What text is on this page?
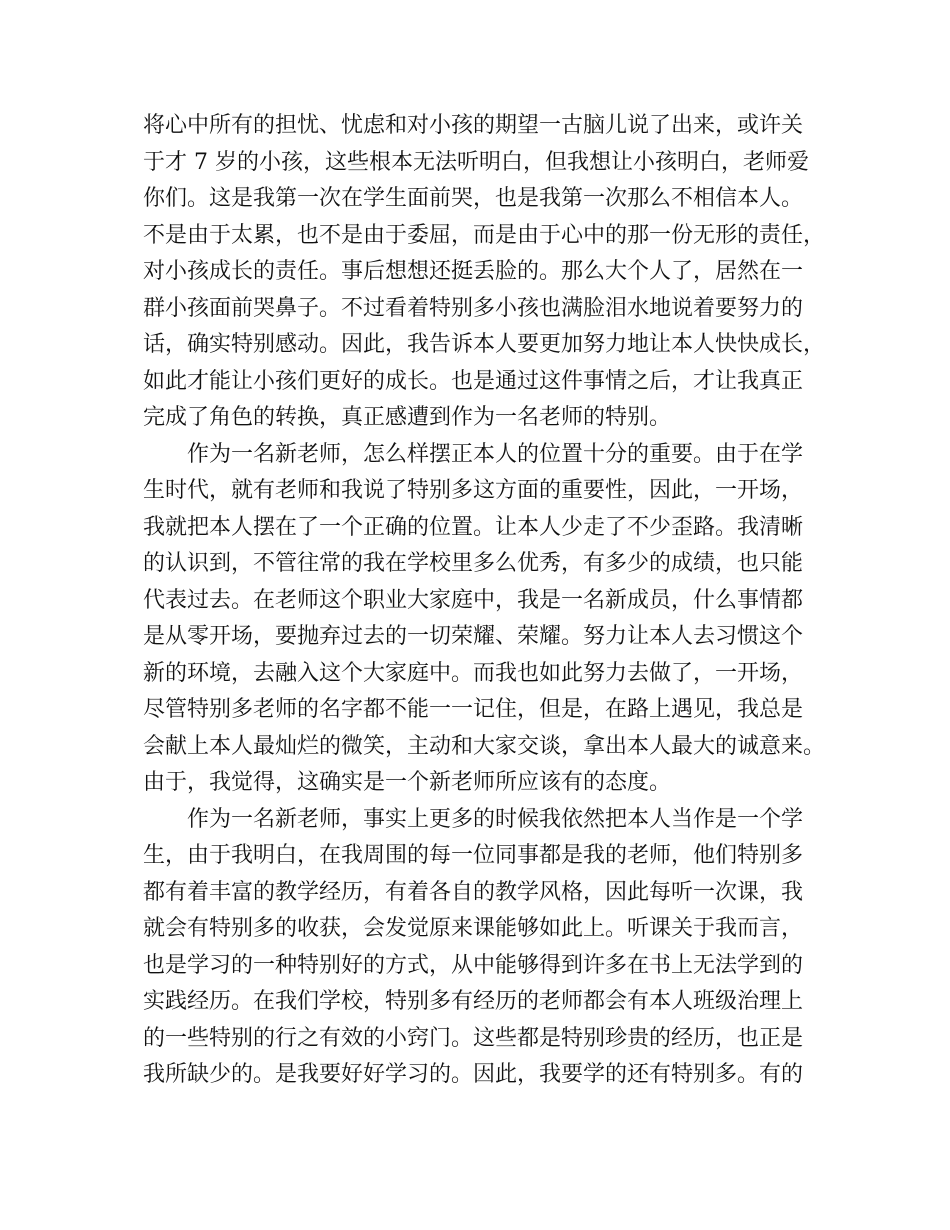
将心中所有的担忧、忧虑和对小孩的期望一古脑儿说了出来，或许关
于才 7 岁的小孩，这些根本无法听明白，但我想让小孩明白，老师爱
你们。这是我第一次在学生面前哭，也是我第一次那么不相信本人。
不是由于太累，也不是由于委屈，而是由于心中的那一份无形的责任，
对小孩成长的责任。事后想想还挺丢脸的。那么大个人了，居然在一
群小孩面前哭鼻子。不过看着特别多小孩也满脸泪水地说着要努力的
话，确实特别感动。因此，我告诉本人要更加努力地让本人快快成长，
如此才能让小孩们更好的成长。也是通过这件事情之后，才让我真正
完成了角色的转换，真正感遭到作为一名老师的特别。
　　作为一名新老师，怎么样摆正本人的位置十分的重要。由于在学
生时代，就有老师和我说了特别多这方面的重要性，因此，一开场，
我就把本人摆在了一个正确的位置。让本人少走了不少歪路。我清晰
的认识到，不管往常的我在学校里多么优秀，有多少的成绩，也只能
代表过去。在老师这个职业大家庭中，我是一名新成员，什么事情都
是从零开场，要抛弃过去的一切荣耀、荣耀。努力让本人去习惯这个
新的环境，去融入这个大家庭中。而我也如此努力去做了，一开场，
尽管特别多老师的名字都不能一一记住，但是，在路上遇见，我总是
会献上本人最灿烂的微笑，主动和大家交谈，拿出本人最大的诚意来。
由于，我觉得，这确实是一个新老师所应该有的态度。
　　作为一名新老师，事实上更多的时候我依然把本人当作是一个学
生，由于我明白，在我周围的每一位同事都是我的老师，他们特别多
都有着丰富的教学经历，有着各自的教学风格，因此每听一次课，我
就会有特别多的收获，会发觉原来课能够如此上。听课关于我而言，
也是学习的一种特别好的方式，从中能够得到许多在书上无法学到的
实践经历。在我们学校，特别多有经历的老师都会有本人班级治理上
的一些特别的行之有效的小窍门。这些都是特别珍贵的经历，也正是
我所缺少的。是我要好好学习的。因此，我要学的还有特别多。有的
